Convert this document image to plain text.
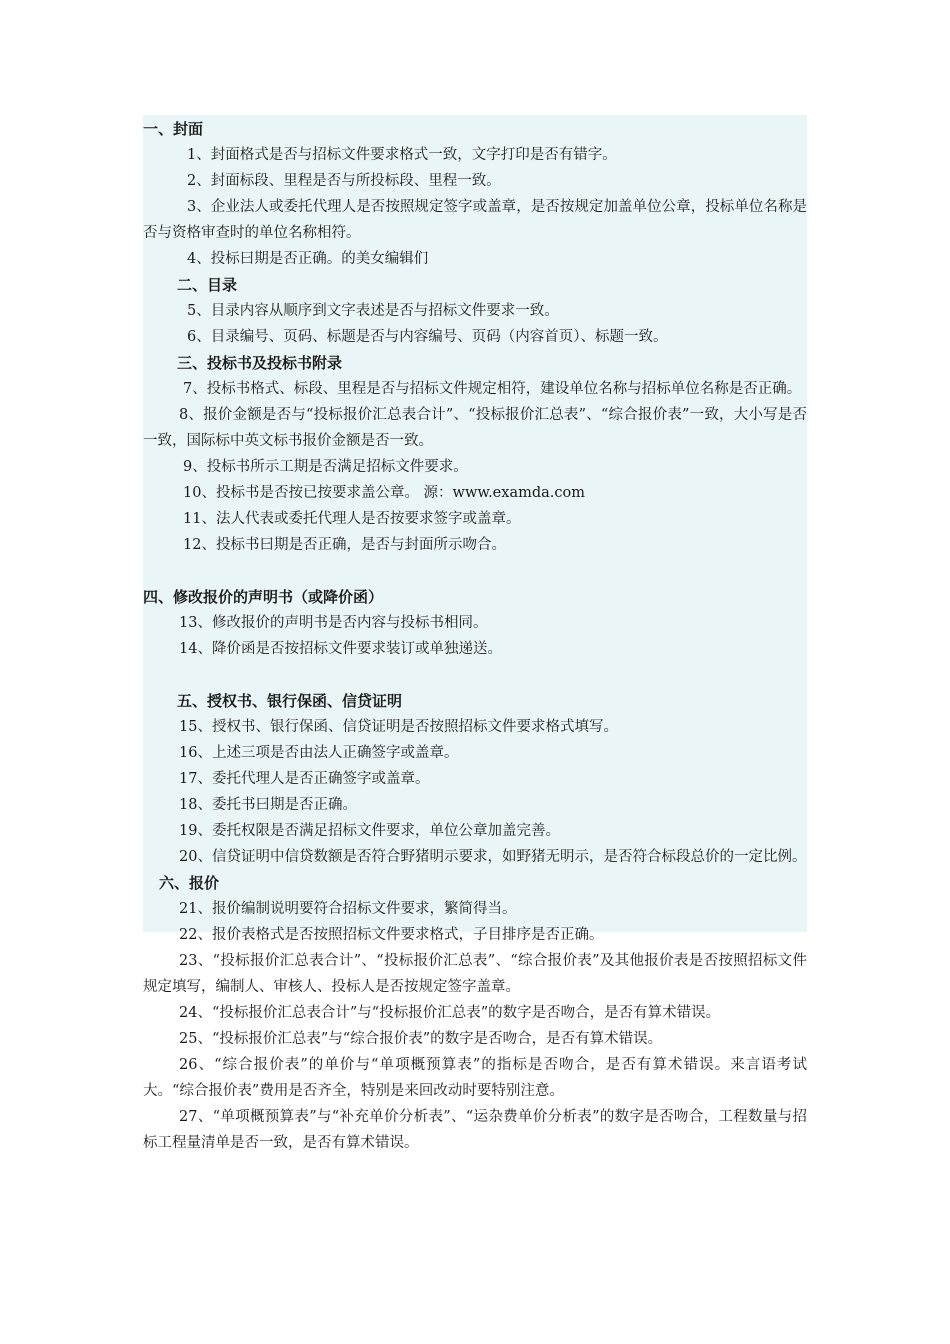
一、封面

1、封面格式是否与招标文件要求格式一致，文字打印是否有错字。

2、封面标段、里程是否与所投标段、里程一致。

3、企业法人或委托代理人是否按照规定签字或盖章，是否按规定加盖单位公章，投标单位名称是否与资格审查时的单位名称相符。

4、投标曰期是否正确。的美女编辑们

二、目录

5、目录内容从顺序到文字表述是否与招标文件要求一致。

6、目录编号、页码、标题是否与内容编号、页码（内容首页）、标题一致。

三、投标书及投标书附录

7、投标书格式、标段、里程是否与招标文件规定相符，建设单位名称与招标单位名称是否正确。

8、报价金额是否与“投标报价汇总表合计”、“投标报价汇总表”、“综合报价表”一致，大小写是否一致，国际标中英文标书报价金额是否一致。

9、投标书所示工期是否满足招标文件要求。

10、投标书是否按已按要求盖公章。 源：www.examda.com

11、法人代表或委托代理人是否按要求签字或盖章。

12、投标书曰期是否正确，是否与封面所示吻合。

四、修改报价的声明书（或降价函）

13、修改报价的声明书是否内容与投标书相同。

14、降价函是否按招标文件要求装订或单独递送。

五、授权书、银行保函、信贷证明

15、授权书、银行保函、信贷证明是否按照招标文件要求格式填写。

16、上述三项是否由法人正确签字或盖章。

17、委托代理人是否正确签字或盖章。

18、委托书曰期是否正确。

19、委托权限是否满足招标文件要求，单位公章加盖完善。

20、信贷证明中信贷数额是否符合野猪明示要求，如野猪无明示，是否符合标段总价的一定比例。

六、报价

21、报价编制说明要符合招标文件要求，繁简得当。

22、报价表格式是否按照招标文件要求格式，子目排序是否正确。

23、“投标报价汇总表合计”、“投标报价汇总表”、“综合报价表”及其他报价表是否按照招标文件规定填写，编制人、审核人、投标人是否按规定签字盖章。

24、“投标报价汇总表合计”与“投标报价汇总表”的数字是否吻合，是否有算术错误。

25、“投标报价汇总表”与“综合报价表”的数字是否吻合，是否有算术错误。

26、“综合报价表”的单价与“单项概预算表”的指标是否吻合，是否有算术错误。来言语考试大。“综合报价表”费用是否齐全，特别是来回改动时要特别注意。

27、“单项概预算表”与“补充单价分析表”、“运杂费单价分析表”的数字是否吻合，工程数量与招标工程量清单是否一致，是否有算术错误。
